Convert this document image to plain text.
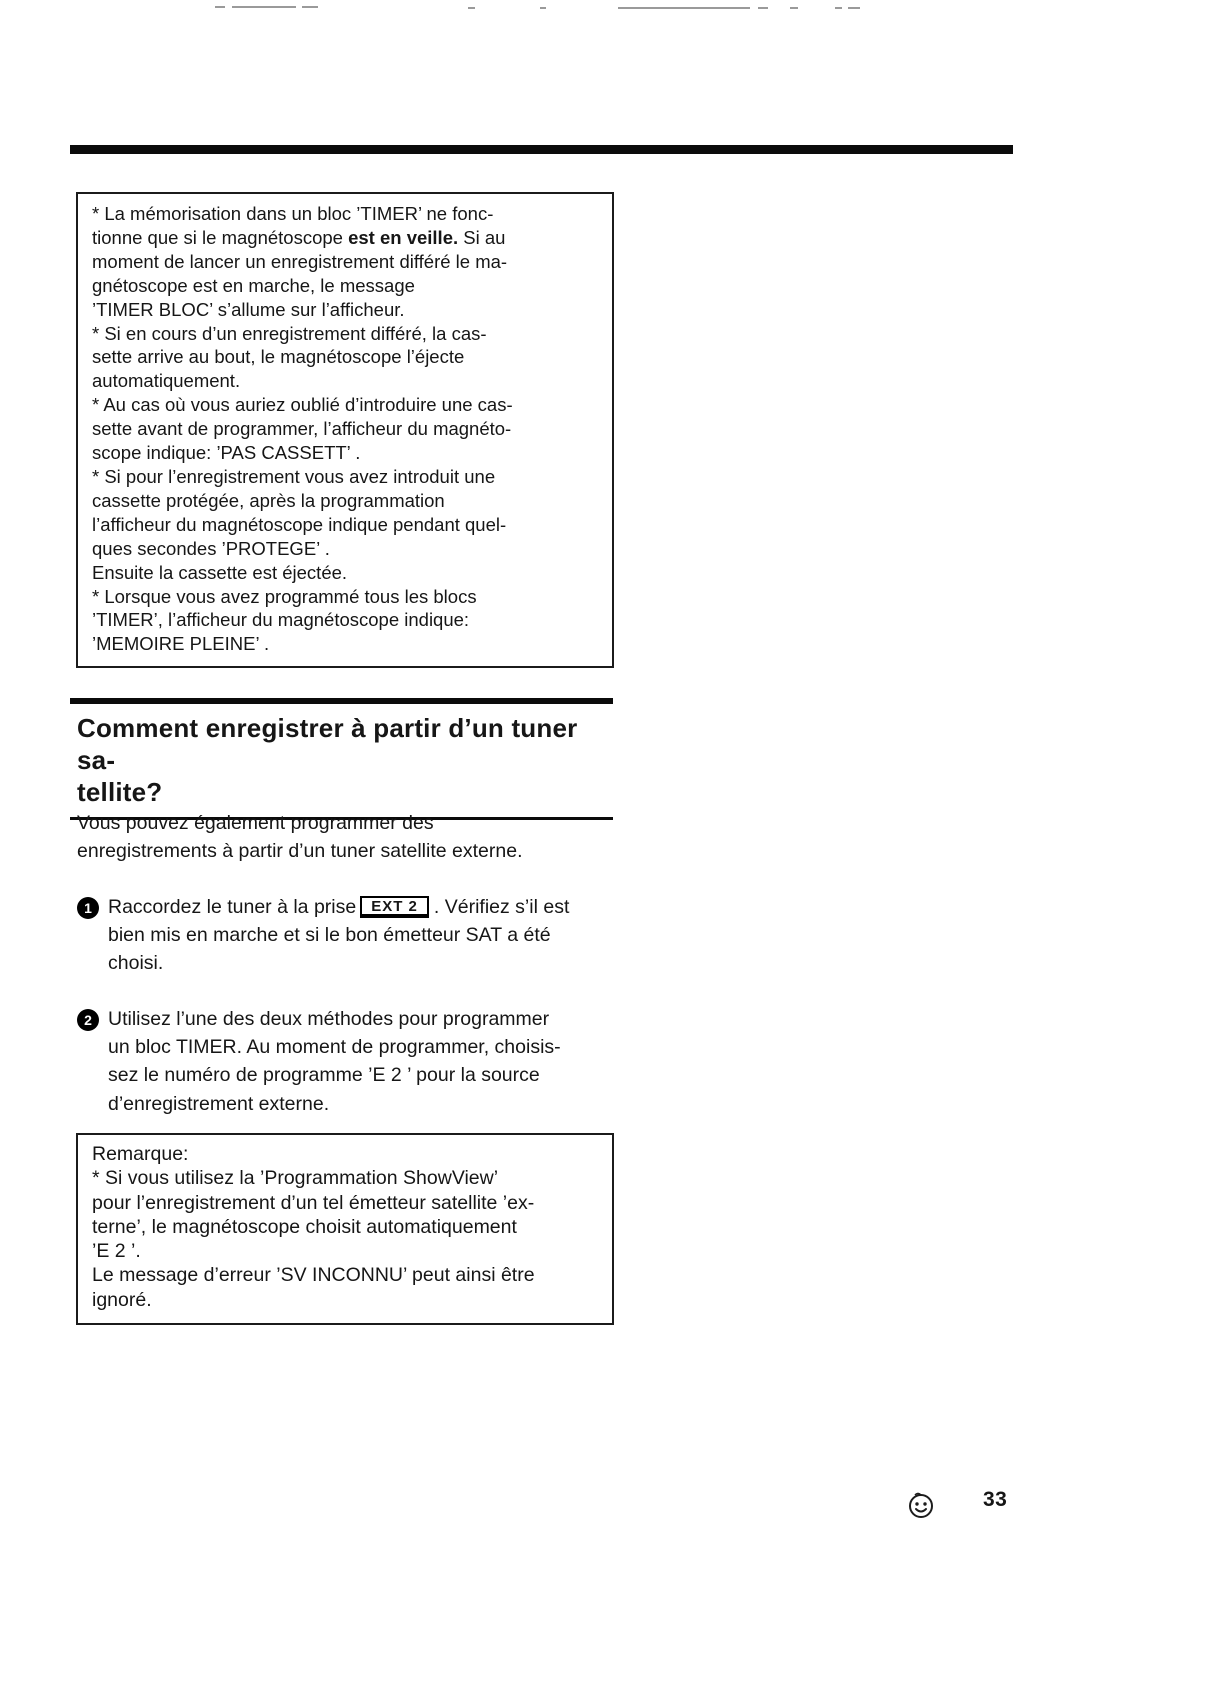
* La mémorisation dans un bloc ’TIMER’ ne fonc-
tionne que si le magnétoscope est en veille. Si au
moment de lancer un enregistrement différé le ma-
gnétoscope est en marche, le message
’TIMER BLOC’ s’allume sur l’afficheur.
* Si en cours d’un enregistrement différé, la cas-
sette arrive au bout, le magnétoscope l’éjecte
automatiquement.
* Au cas où vous auriez oublié d’introduire une cas-
sette avant de programmer, l’afficheur du magnéto-
scope indique: ’PAS CASSETT’ .
* Si pour l’enregistrement vous avez introduit une
cassette protégée, après la programmation
l’afficheur du magnétoscope indique pendant quel-
ques secondes ’PROTEGE’ .
Ensuite la cassette est éjectée.
* Lorsque vous avez programmé tous les blocs
’TIMER’, l’afficheur du magnétoscope indique:
’MEMOIRE PLEINE’ .
Comment enregistrer à partir d’un tuner sa-
tellite?
Vous pouvez également programmer des
enregistrements à partir d’un tuner satellite externe.
1 Raccordez le tuner à la prise EXT 2 . Vérifiez s’il est
bien mis en marche et si le bon émetteur SAT a été
choisi.
2 Utilisez l’une des deux méthodes pour programmer
un bloc TIMER. Au moment de programmer, choisis-
sez le numéro de programme ’E 2 ’ pour la source
d’enregistrement externe.
Remarque:
* Si vous utilisez la ’Programmation ShowView’
pour l’enregistrement d’un tel émetteur satellite ’ex-
terne’, le magnétoscope choisit automatiquement
’E 2 ’.
Le message d’erreur ’SV INCONNU’ peut ainsi être
ignoré.
33
